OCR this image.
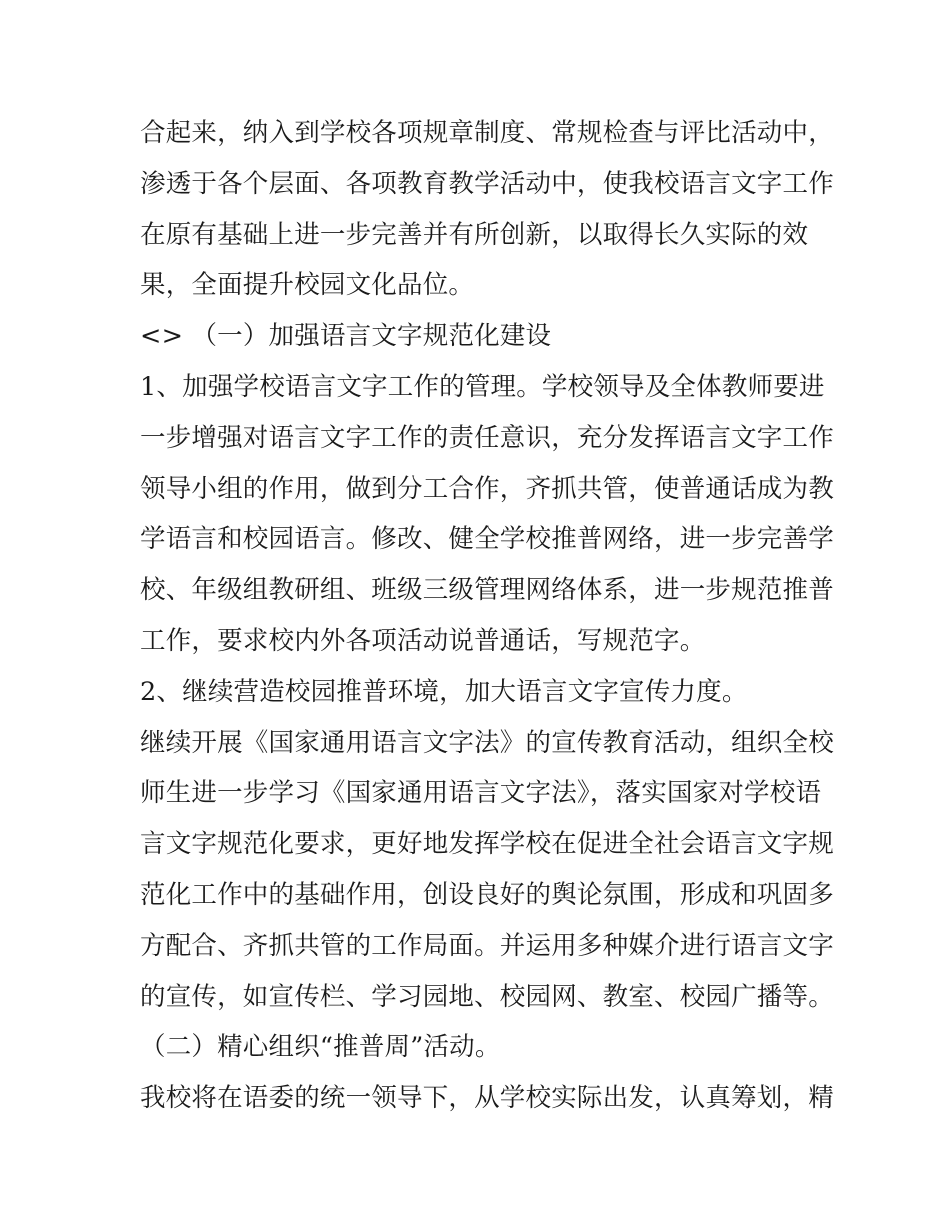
合起来，纳入到学校各项规章制度、常规检查与评比活动中，
渗透于各个层面、各项教育教学活动中，使我校语言文字工作
在原有基础上进一步完善并有所创新，以取得长久实际的效
果，全面提升校园文化品位。
<> （一）加强语言文字规范化建设
1、加强学校语言文字工作的管理。学校领导及全体教师要进
一步增强对语言文字工作的责任意识，充分发挥语言文字工作
领导小组的作用，做到分工合作，齐抓共管，使普通话成为教
学语言和校园语言。修改、健全学校推普网络，进一步完善学
校、年级组教研组、班级三级管理网络体系，进一步规范推普
工作，要求校内外各项活动说普通话，写规范字。
2、继续营造校园推普环境，加大语言文字宣传力度。
继续开展《国家通用语言文字法》的宣传教育活动，组织全校
师生进一步学习《国家通用语言文字法》，落实国家对学校语
言文字规范化要求，更好地发挥学校在促进全社会语言文字规
范化工作中的基础作用，创设良好的舆论氛围，形成和巩固多
方配合、齐抓共管的工作局面。并运用多种媒介进行语言文字
的宣传，如宣传栏、学习园地、校园网、教室、校园广播等。
（二）精心组织“推普周”活动。
我校将在语委的统一领导下，从学校实际出发，认真筹划，精
